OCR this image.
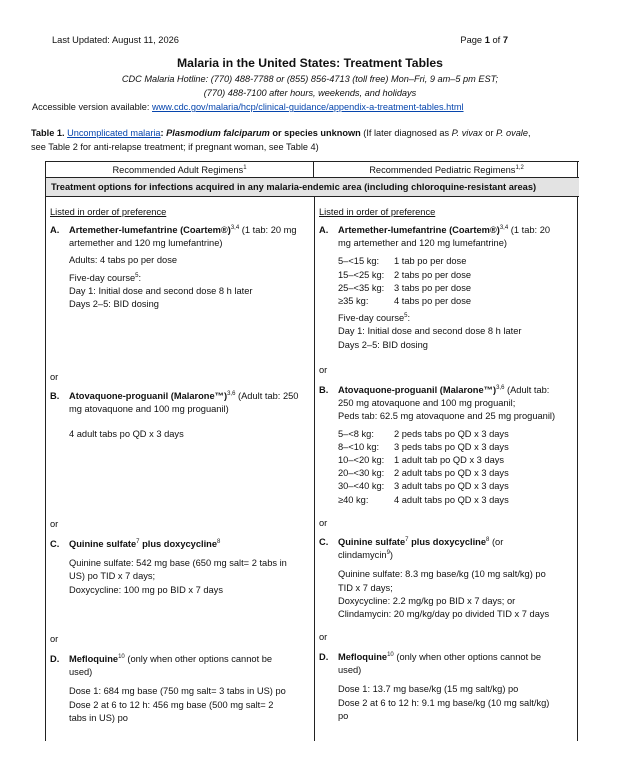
Last Updated: August 11, 2026	Page 1 of 7
Malaria in the United States: Treatment Tables
CDC Malaria Hotline: (770) 488-7788 or (855) 856-4713 (toll free) Mon–Fri, 9 am–5 pm EST;
(770) 488-7100 after hours, weekends, and holidays
Accessible version available: www.cdc.gov/malaria/hcp/clinical-guidance/appendix-a-treatment-tables.html
Table 1. Uncomplicated malaria: Plasmodium falciparum or species unknown (If later diagnosed as P. vivax or P. ovale,
see Table 2 for anti-relapse treatment; if pregnant woman, see Table 4)
Recommended Adult Regimens$^1$	Recommended Pediatric Regimens$^{1,2}$
Treatment options for infections acquired in any malaria-endemic area (including chloroquine-resistant areas)
Listed in order of preference
A. Artemether-lumefantrine (Coartem®)$^{3,4}$ (1 tab: 20 mg
artemether and 120 mg lumefantrine)
Adults: 4 tabs po per dose
Five-day course$^5$:
Day 1: Initial dose and second dose 8 h later
Days 2–5: BID dosing
or
B. Atovaquone-proguanil (Malarone™)$^{3,6}$ (Adult tab: 250
mg atovaquone and 100 mg proguanil)
4 adult tabs po QD x 3 days
or
C. Quinine sulfate$^7$ plus doxycycline$^8$
Quinine sulfate: 542 mg base (650 mg salt= 2 tabs in
US) po TID x 7 days;
Doxycycline: 100 mg po BID x 7 days
or
D. Mefloquine$^{10}$ (only when other options cannot be
used)
Dose 1: 684 mg base (750 mg salt= 3 tabs in US) po
Dose 2 at 6 to 12 h: 456 mg base (500 mg salt= 2
tabs in US) po
Listed in order of preference
A. Artemether-lumefantrine (Coartem®)$^{3,4}$ (1 tab: 20
mg artemether and 120 mg lumefantrine)
5–<15 kg: 1 tab po per dose
15–<25 kg: 2 tabs po per dose
25–<35 kg: 3 tabs po per dose
≥35 kg:	4 tabs po per dose
Five-day course$^5$:
Day 1: Initial dose and second dose 8 h later
Days 2–5: BID dosing
or
B. Atovaquone-proguanil (Malarone™)$^{3,6}$ (Adult tab:
250 mg atovaquone and 100 mg proguanil;
Peds tab: 62.5 mg atovaquone and 25 mg proguanil)
5–<8 kg: 2 peds tabs po QD x 3 days
8–<10 kg: 3 peds tabs po QD x 3 days
10–<20 kg: 1 adult tab po QD x 3 days
20–<30 kg: 2 adult tabs po QD x 3 days
30–<40 kg: 3 adult tabs po QD x 3 days
≥40 kg:	4 adult tabs po QD x 3 days
or
C. Quinine sulfate$^7$ plus doxycycline$^8$ (or
clindamycin$^9$)
Quinine sulfate: 8.3 mg base/kg (10 mg salt/kg) po
TID x 7 days;
Doxycycline: 2.2 mg/kg po BID x 7 days; or
Clindamycin: 20 mg/kg/day po divided TID x 7 days
or
D. Mefloquine$^{10}$ (only when other options cannot be
used)
Dose 1: 13.7 mg base/kg (15 mg salt/kg) po
Dose 2 at 6 to 12 h: 9.1 mg base/kg (10 mg salt/kg)
po
